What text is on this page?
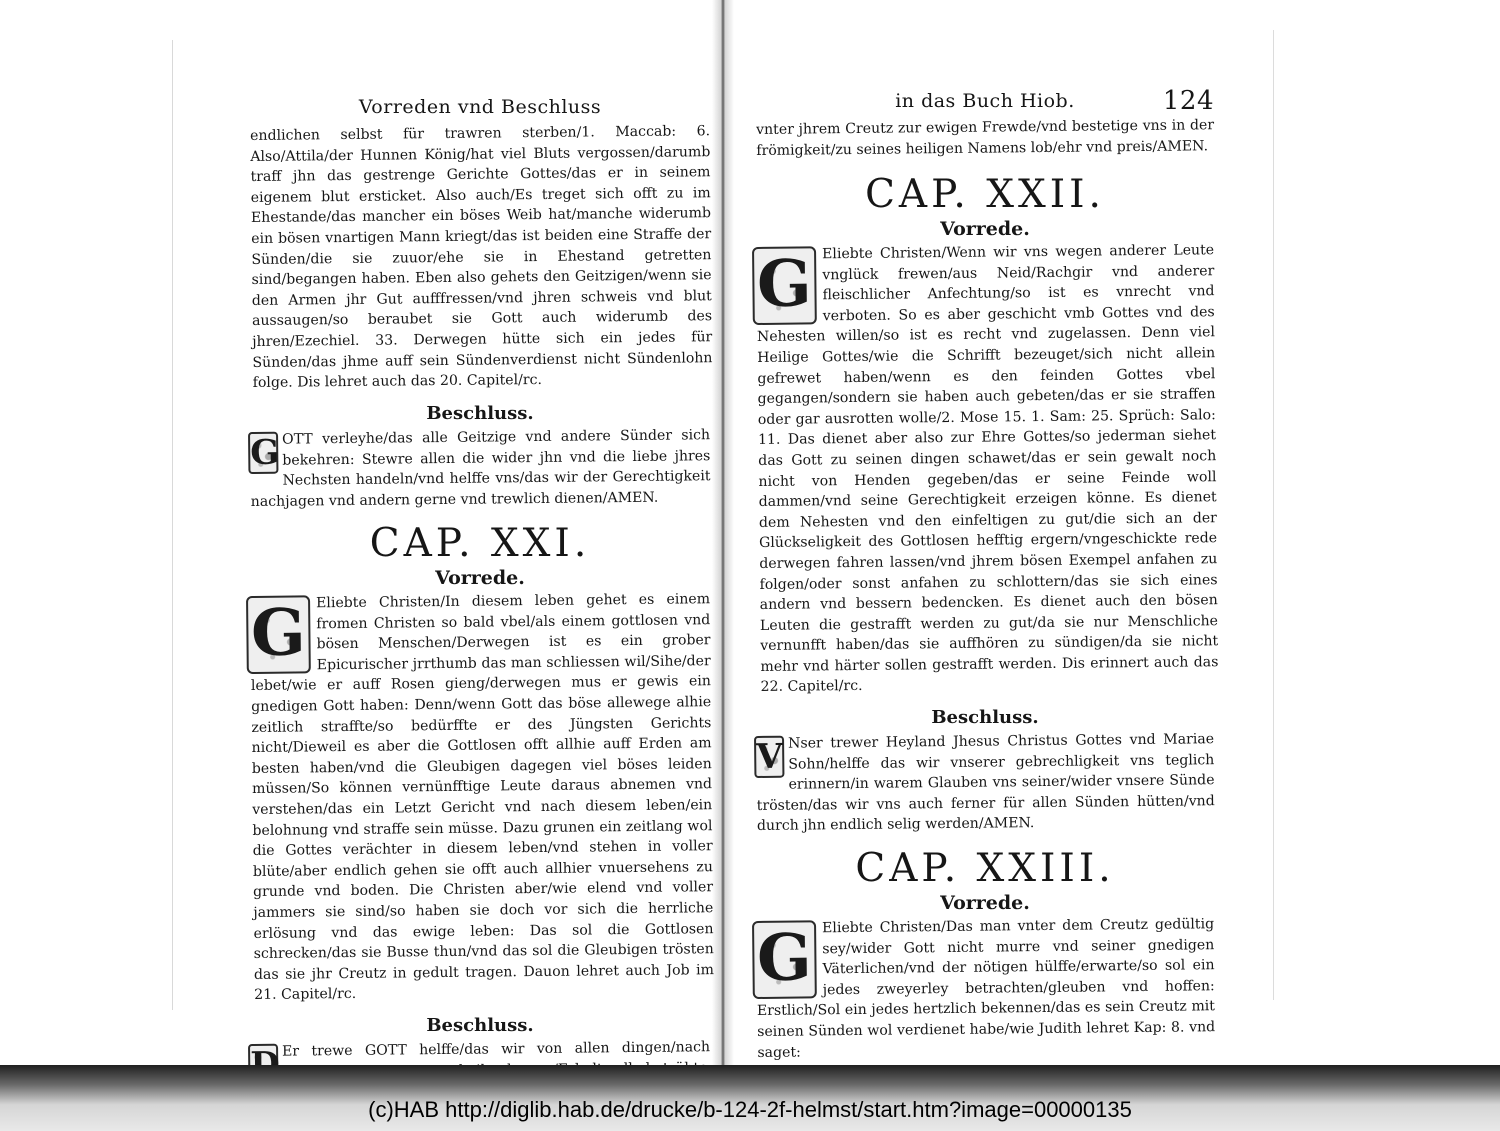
Vorreden vnd Beschluss

endlichen selbst für trawren sterben/1. Maccab: 6. Also/Attila/der Hunnen König/hat viel Bluts vergossen/darumb traff jhn das gestrenge Gerichte Gottes/das er in seinem eigenem blut ersticket. Also auch/Es treget sich offt zu im Ehestande/das mancher ein böses Weib hat/manche widerumb ein bösen vnartigen Mann kriegt/das ist beiden eine Straffe der Sünden/die sie zuuor/ehe sie in Ehestand getretten sind/begangen haben. Eben also gehets den Geitzigen/wenn sie den Armen jhr Gut aufffressen/vnd jhren schweis vnd blut aussaugen/so beraubet sie Gott auch widerumb des jhren/Ezechiel. 33. Derwegen hütte sich ein jedes für Sünden/das jhme auff sein Sündenverdienst nicht Sündenlohn folge. Dis lehret auch das 20. Capitel/rc.

Beschluss.

G OTT verleyhe/das alle Geitzige vnd andere Sünder sich bekehren: Stewre allen die wider jhn vnd die liebe jhres Nechsten handeln/vnd helffe vns/das wir der Gerechtigkeit nachjagen vnd andern gerne vnd trewlich dienen/AMEN.

CAP. XXI.
Vorrede.

G Eliebte Christen/In diesem leben gehet es einem fromen Christen so bald vbel/als einem gottlosen vnd bösen Menschen/Derwegen ist es ein grober Epicurischer jrrthumb das man schliessen wil/Sihe/der lebet/wie er auff Rosen gieng/derwegen mus er gewis ein gnedigen Gott haben: Denn/wenn Gott das böse allewege alhie zeitlich straffte/so bedürffte er des Jüngsten Gerichts nicht/Dieweil es aber die Gottlosen offt allhie auff Erden am besten haben/vnd die Gleubigen dagegen viel böses leiden müssen/So können vernünfftige Leute daraus abnemen vnd verstehen/das ein Letzt Gericht vnd nach diesem leben/ein belohnung vnd straffe sein müsse. Dazu grunen ein zeitlang wol die Gottes verächter in diesem leben/vnd stehen in voller blüte/aber endlich gehen sie offt auch allhier vnuersehens zu grunde vnd boden. Die Christen aber/wie elend vnd voller jammers sie sind/so haben sie doch vor sich die herrliche erlösung vnd das ewige leben: Das sol die Gottlosen schrecken/das sie Busse thun/vnd das sol die Gleubigen trösten das sie jhr Creutz in gedult tragen. Dauon lehret auch Job im 21. Capitel/rc.

Beschluss.

Er trewe GOTT helffe/das wir von allen dingen/nach

in das Buch Hiob.	124

vnter jhrem Creutz zur ewigen Frewde/vnd bestetige vns in der frömigkeit/zu seines heiligen Namens lob/ehr vnd preis/AMEN.

CAP. XXII.
Vorrede.

G Eliebte Christen/Wenn wir vns wegen anderer Leute vnglück frewen/aus Neid/Rachgir vnd anderer fleischlicher Anfechtung/so ist es vnrecht vnd verboten. So es aber geschicht vmb Gottes vnd des Nehesten willen/so ist es recht vnd zugelassen. Denn viel Heilige Gottes/wie die Schrifft bezeuget/sich nicht allein gefrewet haben/wenn es den feinden Gottes vbel gegangen/sondern sie haben auch gebeten/das er sie straffen oder gar ausrotten wolle/2. Mose 15. 1. Sam: 25. Sprüch: Salo: 11. Das dienet aber also zur Ehre Gottes/so jederman siehet das Gott zu seinen dingen schawet/das er sein gewalt noch nicht von Henden gegeben/das er seine Feinde woll dammen/vnd seine Gerechtigkeit erzeigen könne. Es dienet dem Nehesten vnd den einfeltigen zu gut/die sich an der Glückseligkeit des Gottlosen hefftig ergern/vngeschickte rede derwegen fahren lassen/vnd jhrem bösen Exempel anfahen zu folgen/oder sonst anfahen zu schlottern/das sie sich eines andern vnd bessern bedencken. Es dienet auch den bösen Leuten die gestrafft werden zu gut/da sie nur Menschliche vernunfft haben/das sie auffhören zu sündigen/da sie nicht mehr vnd härter sollen gestrafft werden. Dis erinnert auch das 22. Capitel/rc.

Beschluss.

V Nser trewer Heyland Jhesus Christus Gottes vnd Mariae Sohn/helffe das wir vnserer gebrechligkeit vns teglich erinnern/in warem Glauben vns seiner/wider vnsere Sünde trösten/das wir vns auch ferner für allen Sünden hütten/vnd durch jhn endlich selig werden/AMEN.

CAP. XXIII.
Vorrede.

G Eliebte Christen/Das man vnter dem Creutz gedültig sey/wider Gott nicht murre vnd seiner gnedigen Väterlichen/vnd der nötigen hülffe/erwarte/so sol ein jedes zweyerley betrachten/gleuben vnd hoffen: Erstlich/Sol ein jedes hertzlich bekennen/das es sein Creutz mit seinen Sünden wol verdienet habe/wie Judith lehret Kap: 8. vnd saget:

(c)HAB http://diglib.hab.de/drucke/b-124-2f-helmst/start.htm?image=00000135
